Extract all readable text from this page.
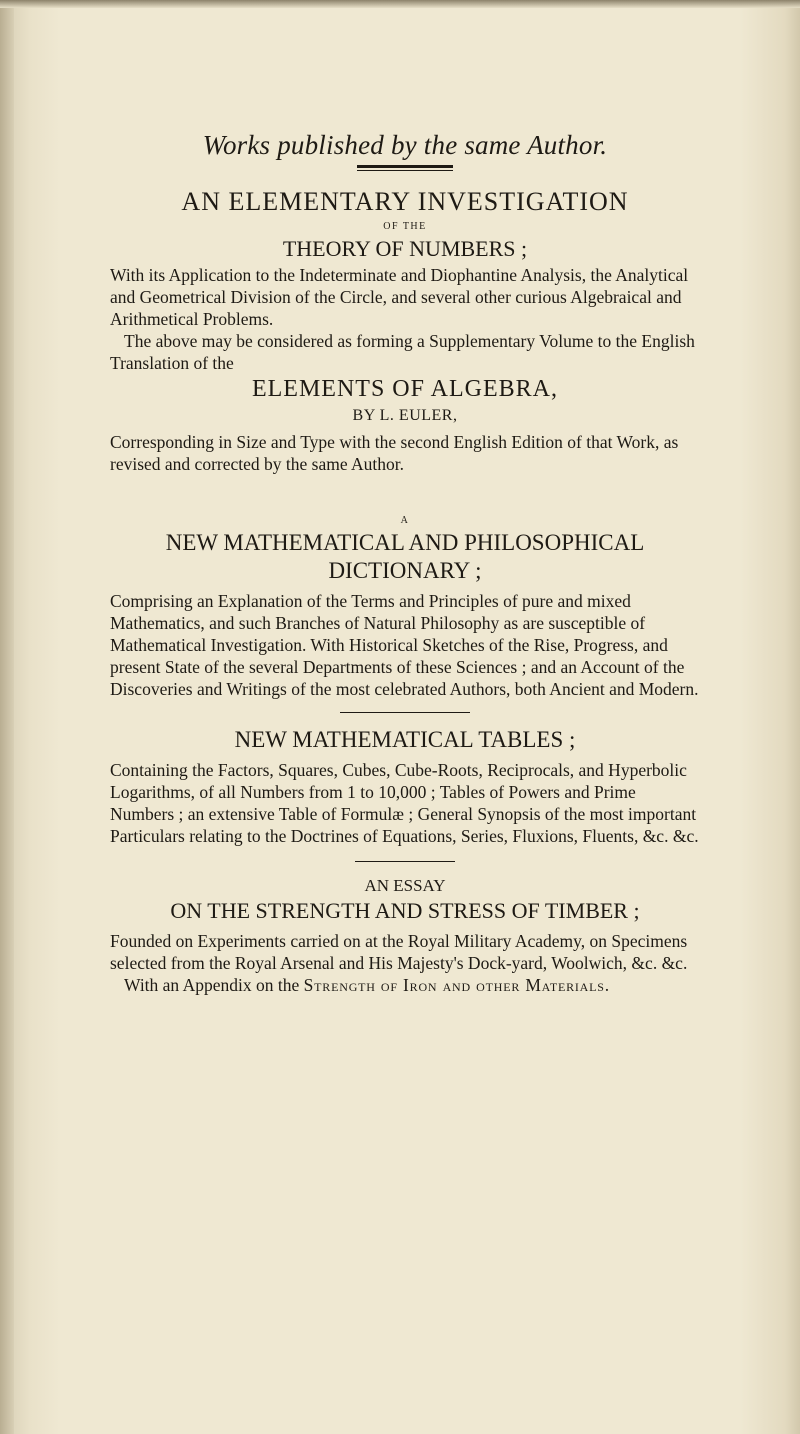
Works published by the same Author.
AN ELEMENTARY INVESTIGATION
OF THE
THEORY OF NUMBERS ;

With its Application to the Indeterminate and Diophantine Analysis, the Analytical and Geometrical Division of the Circle, and several other curious Algebraical and Arithmetical Problems.

The above may be considered as forming a Supplementary Volume to the English Translation of the

ELEMENTS OF ALGEBRA,
BY L. EULER,

Corresponding in Size and Type with the second English Edition of that Work, as revised and corrected by the same Author.

A
NEW MATHEMATICAL AND PHILOSOPHICAL
DICTIONARY ;

Comprising an Explanation of the Terms and Principles of pure and mixed Mathematics, and such Branches of Natural Philosophy as are susceptible of Mathematical Investigation. With Historical Sketches of the Rise, Progress, and present State of the several Departments of these Sciences ; and an Account of the Discoveries and Writings of the most celebrated Authors, both Ancient and Modern.

NEW MATHEMATICAL TABLES ;

Containing the Factors, Squares, Cubes, Cube-Roots, Reciprocals, and Hyperbolic Logarithms, of all Numbers from 1 to 10,000 ; Tables of Powers and Prime Numbers ; an extensive Table of Formulæ ; General Synopsis of the most important Particulars relating to the Doctrines of Equations, Series, Fluxions, Fluents, &c. &c.

AN ESSAY
ON THE STRENGTH AND STRESS OF TIMBER ;

Founded on Experiments carried on at the Royal Military Academy, on Specimens selected from the Royal Arsenal and His Majesty's Dock-yard, Woolwich, &c. &c.

With an Appendix on the Strength of Iron and other Materials.
